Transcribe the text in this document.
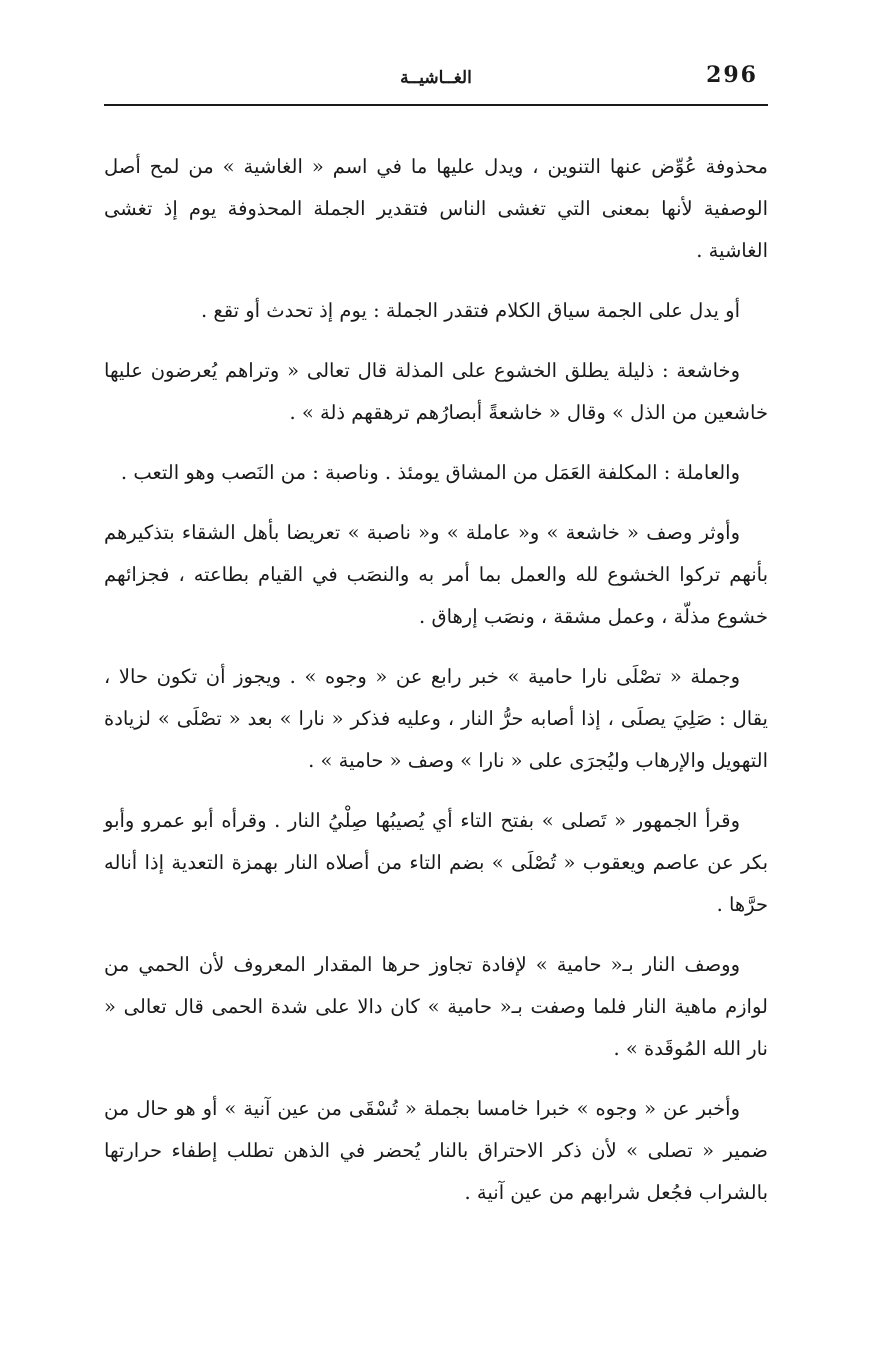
296
الغــاشيــة

محذوفة عُوِّض عنها التنوين ، ويدل عليها ما في اسم « الغاشية » من لمح أصل الوصفية لأنها بمعنى التي تغشى الناس فتقدير الجملة المحذوفة يوم إذ تغشى الغاشية .

أو يدل على الجمة سياق الكلام فتقدر الجملة : يوم إذ تحدث أو تقع .

وخاشعة : ذليلة يطلق الخشوع على المذلة قال تعالى « وتراهم يُعرضون عليها خاشعين من الذل » وقال « خاشعةً أبصارُهم ترهقهم ذلة » .

والعاملة : المكلفة العَمَل من المشاق يومئذ . وناصبة : من النَصب وهو التعب .

وأوثر وصف « خاشعة » و« عاملة » و« ناصبة » تعريضا بأهل الشقاء بتذكيرهم بأنهم تركوا الخشوع لله والعمل بما أمر به والنصَب في القيام بطاعته ، فجزائهم خشوع مذلّة ، وعمل مشقة ، ونصَب إرهاق .

وجملة « تصْلَى نارا حامية » خبر رابع عن « وجوه » . ويجوز أن تكون حالا ، يقال : صَلِيَ يصلَى ، إذا أصابه حرُّ النار ، وعليه فذكر « نارا » بعد « تصْلَى » لزيادة التهويل والإرهاب وليُجرَى على « نارا » وصف « حامية » .

وقرأ الجمهور « تَصلى » بفتح التاء أي يُصيبُها صِلْيُ النار . وقرأه أبو عمرو وأبو بكر عن عاصم ويعقوب « تُصْلَى » بضم التاء من أصلاه النار بهمزة التعدية إذا أناله حرَّها .

ووصف النار بـ« حامية » لإفادة تجاوز حرها المقدار المعروف لأن الحمي من لوازم ماهية النار فلما وصفت بـ« حامية » كان دالا على شدة الحمى قال تعالى « نار الله المُوقَدة » .

وأخبر عن « وجوه » خبرا خامسا بجملة « تُسْقَى من عين آنية » أو هو حال من ضمير « تصلى » لأن ذكر الاحتراق بالنار يُحضر في الذهن تطلب إطفاء حرارتها بالشراب فجُعل شرابهم من عين آنية .
